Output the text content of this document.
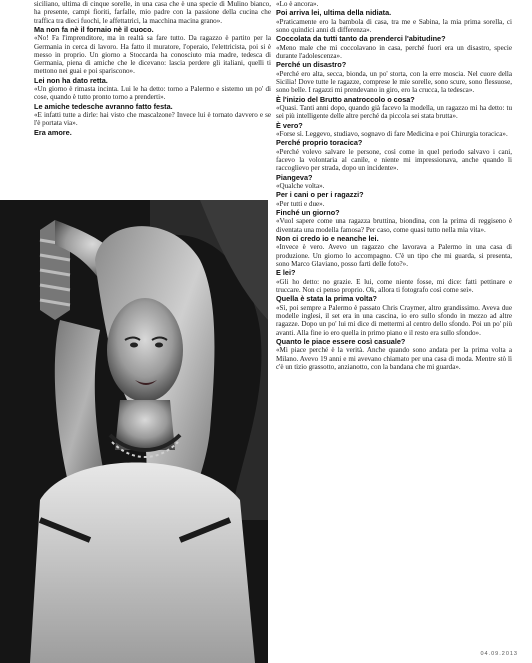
siciliano, ultima di cinque sorelle, in una casa che è una specie di Mulino bianco, ha presente, campi fioriti, farfalle, mio padre con la passione della cucina che traffica tra dieci fuochi, le affettatrici, la macchina macina grano».

Ma non fa nè il fornaio nè il cuoco.

«No! Fa l'imprenditore, ma in realtà sa fare tutto. Da ragazzo è partito per la Germania in cerca di lavoro. Ha fatto il muratore, l'operaio, l'elettricista, poi si è messo in proprio. Un giorno a Stoccarda ha conosciuto mia madre, tedesca di Germania, piena di amiche che le dicevano: lascia perdere gli italiani, quelli ti mettono nei guai e poi spariscono».

Lei non ha dato retta.

«Un giorno è rimasta incinta. Lui le ha detto: torno a Palermo e sistemo un po' di cose, quando è tutto pronto torno a prenderti».

Le amiche tedesche avranno fatto festa.

«E infatti tutte a dirle: hai visto che mascalzone? Invece lui è tornato davvero e se l'è portata via».

Era amore.

«Lo è ancora».

Poi arriva lei, ultima della nidiata.

«Praticamente ero la bambola di casa, tra me e Sabina, la mia prima sorella, ci sono quindici anni di differenza».

Coccolata da tutti tanto da prenderci l'abitudine?

«Meno male che mi coccolavano in casa, perché fuori era un disastro, specie durante l'adolescenza».

Perché un disastro?

«Perché ero alta, secca, bionda, un po' storta, con la erre moscia. Nel cuore della Sicilia! Dove tutte le ragazze, comprese le mie sorelle, sono scure, sono flessuose, sono belle. I ragazzi mi prendevano in giro, ero la crucca, la tedesca».

È l'inizio del Brutto anatroccolo o cosa?

«Quasi. Tanti anni dopo, quando già facevo la modella, un ragazzo mi ha detto: tu sei più intelligente delle altre perché da piccola sei stata brutta».

È vero?

«Forse sì. Leggevo, studiavo, sognavo di fare Medicina e poi Chirurgia toracica».

Perché proprio toracica?

«Perché volevo salvare le persone, così come in quel periodo salvavo i cani, facevo la volontaria al canile, e niente mi impressionava, anche quando li raccoglievo per strada, dopo un incidente».

Piangeva?

«Qualche volta».

Per i cani o per i ragazzi?

«Per tutti e due».

Finché un giorno?

«Vuol sapere come una ragazza bruttina, biondina, con la prima di reggiseno è diventata una modella famosa? Per caso, come quasi tutto nella mia vita».

Non ci credo io e neanche lei.

«Invece è vero. Avevo un ragazzo che lavorava a Palermo in una casa di produzione. Un giorno lo accompagno. C'è un tipo che mi guarda, si presenta, sono Marco Glaviano, posso farti delle foto?».

E lei?

«Gli ho detto: no grazie. E lui, come niente fosse, mi dice: fatti pettinare e truccare. Non ci penso proprio. Ok, allora ti fotografo così come sei».

Quella è stata la prima volta?

«Sì, poi sempre a Palermo è passato Chris Craymer, altro grandissimo. Aveva due modelle inglesi, il set era in una cascina, io ero sullo sfondo in mezzo ad altre ragazze. Dopo un po' lui mi dice di mettermi al centro dello sfondo. Poi un po' più avanti. Alla fine io ero quella in primo piano e il resto era sullo sfondo».

Quanto le piace essere così casuale?

«Mi piace perché è la verità. Anche quando sono andata per la prima volta a Milano. Avevo 19 anni e mi avevano chiamato per una casa di moda. Mentre stò lì c'è un tizio grassotto, anzianotto, con la bandana che mi guarda».

04.09.2013
